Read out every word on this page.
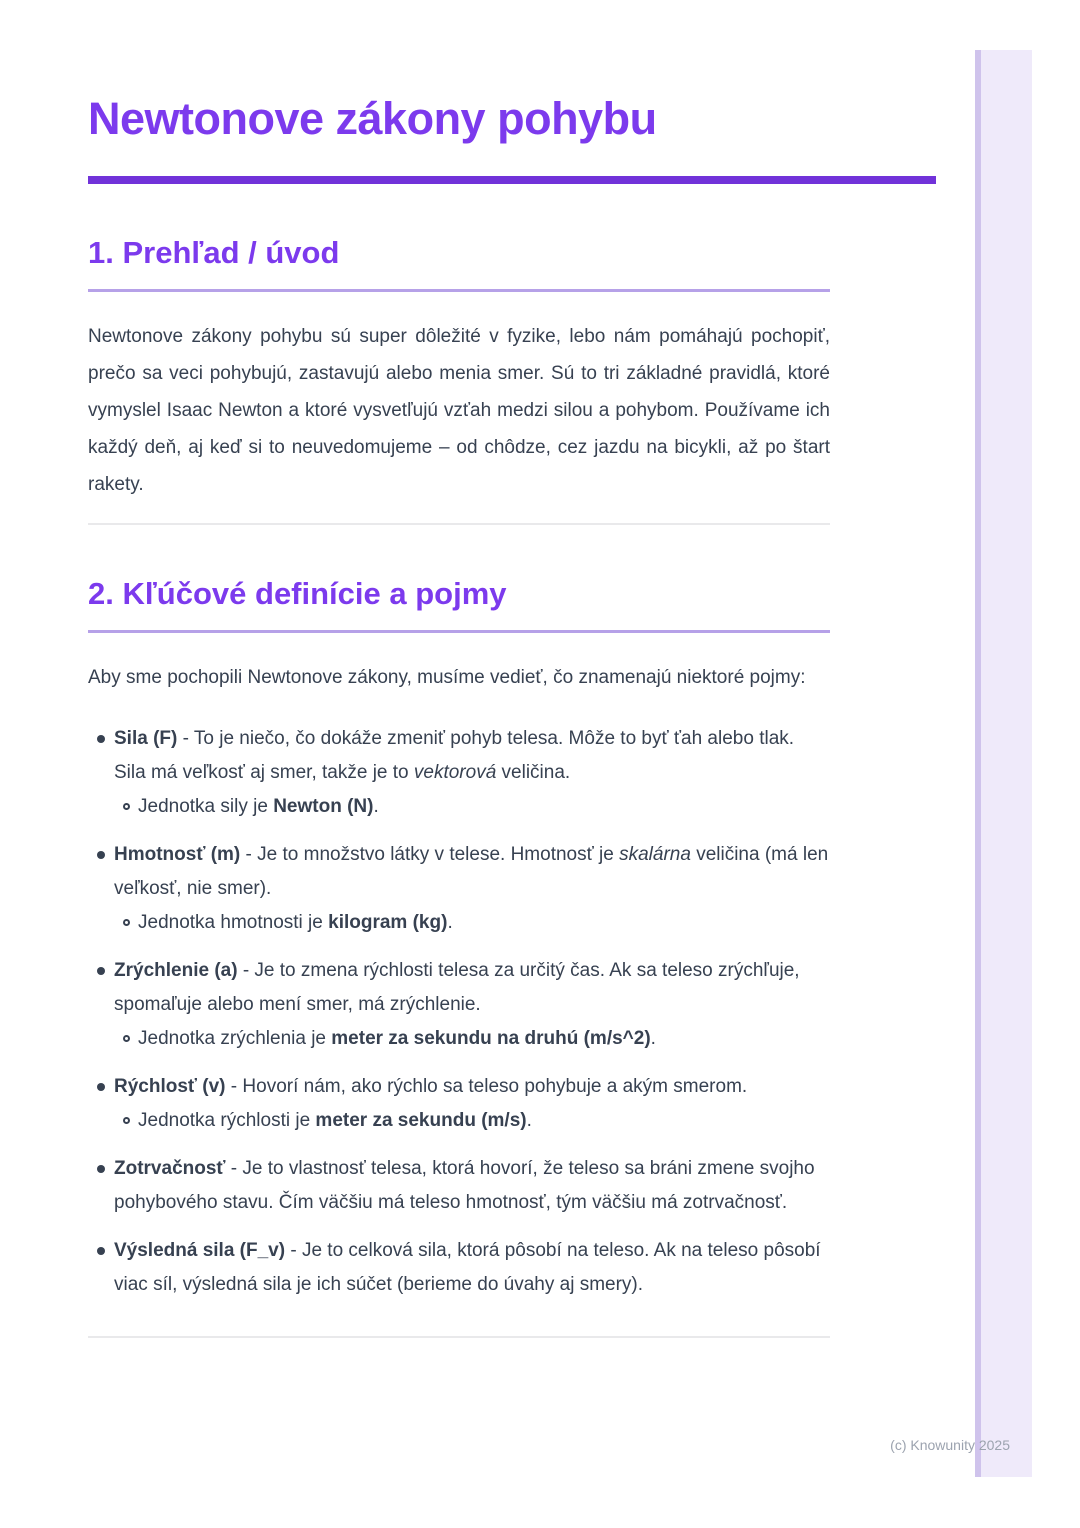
Newtonove zákony pohybu
1. Prehľad / úvod

Newtonove zákony pohybu sú super dôležité v fyzike, lebo nám pomáhajú pochopiť, prečo sa veci pohybujú, zastavujú alebo menia smer. Sú to tri základné pravidlá, ktoré vymyslel Isaac Newton a ktoré vysvetľujú vzťah medzi silou a pohybom. Používame ich každý deň, aj keď si to neuvedomujeme – od chôdze, cez jazdu na bicykli, až po štart rakety.

2. Kľúčové definície a pojmy

Aby sme pochopili Newtonove zákony, musíme vedieť, čo znamenajú niektoré pojmy:

Sila (F) - To je niečo, čo dokáže zmeniť pohyb telesa. Môže to byť ťah alebo tlak. Sila má veľkosť aj smer, takže je to vektorová veličina.
Jednotka sily je Newton (N).
Hmotnosť (m) - Je to množstvo látky v telese. Hmotnosť je skalárna veličina (má len veľkosť, nie smer).
Jednotka hmotnosti je kilogram (kg).
Zrýchlenie (a) - Je to zmena rýchlosti telesa za určitý čas. Ak sa teleso zrýchľuje, spomaľuje alebo mení smer, má zrýchlenie.
Jednotka zrýchlenia je meter za sekundu na druhú (m/s^2).
Rýchlosť (v) - Hovorí nám, ako rýchlo sa teleso pohybuje a akým smerom.
Jednotka rýchlosti je meter za sekundu (m/s).
Zotrvačnosť - Je to vlastnosť telesa, ktorá hovorí, že teleso sa bráni zmene svojho pohybového stavu. Čím väčšiu má teleso hmotnosť, tým väčšiu má zotrvačnosť.
Výsledná sila (F_v) - Je to celková sila, ktorá pôsobí na teleso. Ak na teleso pôsobí viac síl, výsledná sila je ich súčet (berieme do úvahy aj smery).
(c) Knowunity 2025
